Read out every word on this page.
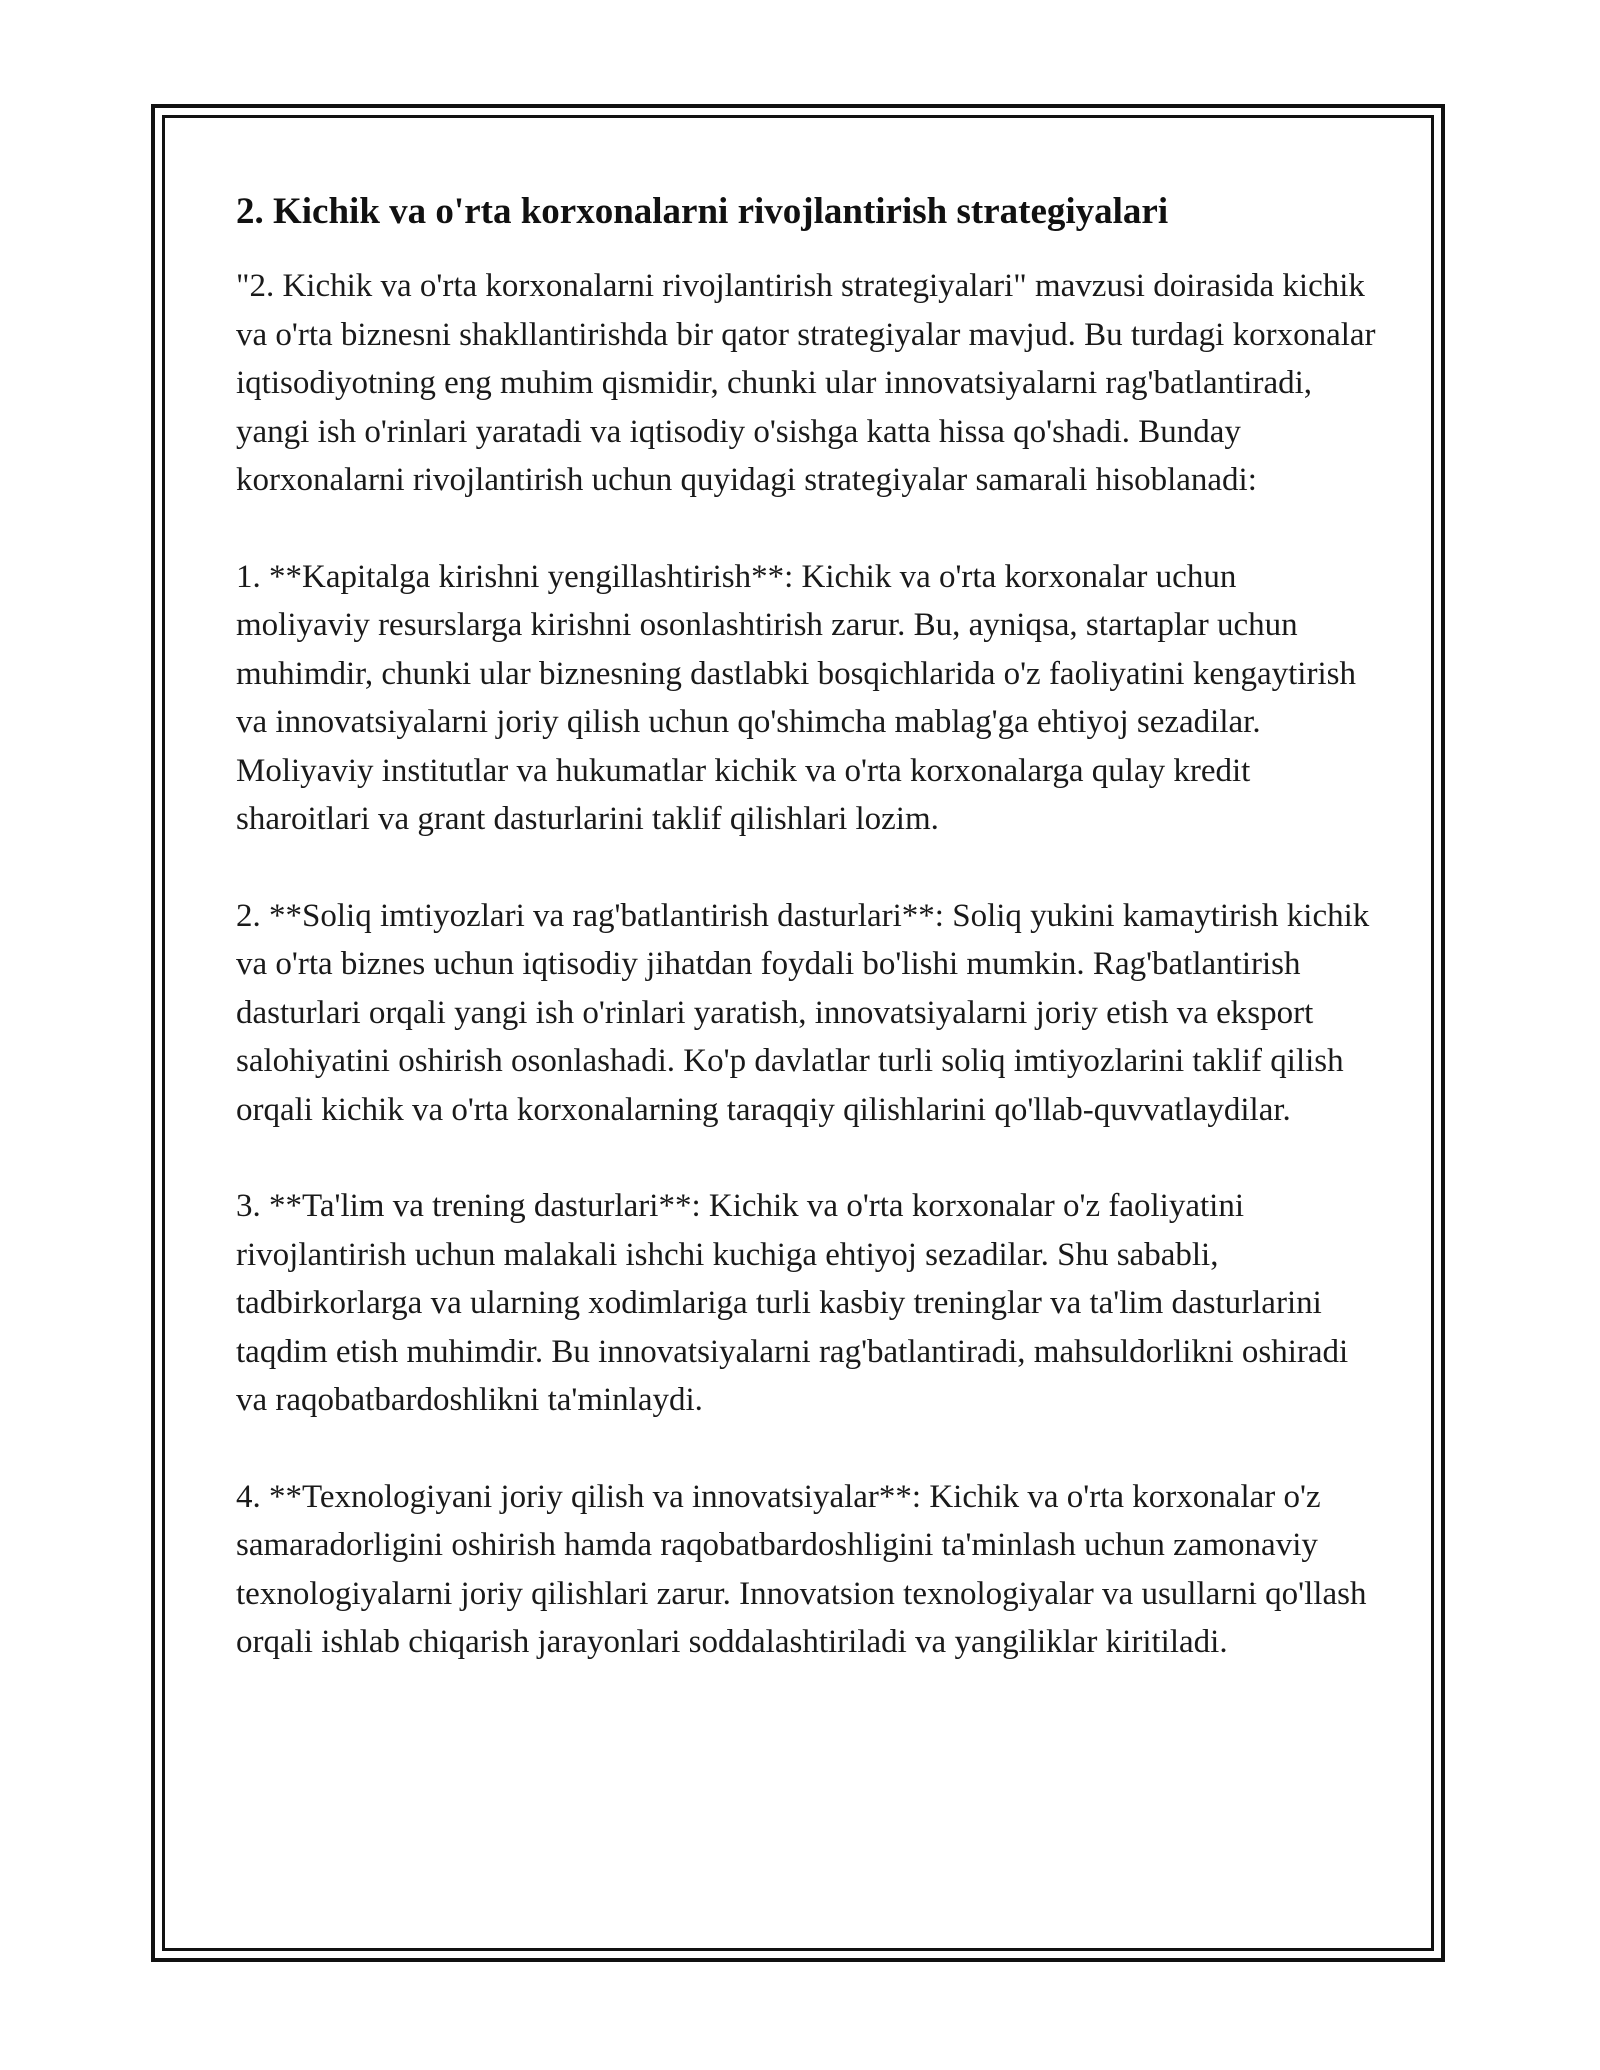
2. Kichik va o'rta korxonalarni rivojlantirish strategiyalari

"2. Kichik va o'rta korxonalarni rivojlantirish strategiyalari" mavzusi doirasida kichik va o'rta biznesni shakllantirishda bir qator strategiyalar mavjud. Bu turdagi korxonalar iqtisodiyotning eng muhim qismidir, chunki ular innovatsiyalarni rag'batlantiradi, yangi ish o'rinlari yaratadi va iqtisodiy o'sishga katta hissa qo'shadi. Bunday korxonalarni rivojlantirish uchun quyidagi strategiyalar samarali hisoblanadi:

1. **Kapitalga kirishni yengillashtirish**: Kichik va o'rta korxonalar uchun moliyaviy resurslarga kirishni osonlashtirish zarur. Bu, ayniqsa, startaplar uchun muhimdir, chunki ular biznesning dastlabki bosqichlarida o'z faoliyatini kengaytirish va innovatsiyalarni joriy qilish uchun qo'shimcha mablag'ga ehtiyoj sezadilar. Moliyaviy institutlar va hukumatlar kichik va o'rta korxonalarga qulay kredit sharoitlari va grant dasturlarini taklif qilishlari lozim.

2. **Soliq imtiyozlari va rag'batlantirish dasturlari**: Soliq yukini kamaytirish kichik va o'rta biznes uchun iqtisodiy jihatdan foydali bo'lishi mumkin. Rag'batlantirish dasturlari orqali yangi ish o'rinlari yaratish, innovatsiyalarni joriy etish va eksport salohiyatini oshirish osonlashadi. Ko'p davlatlar turli soliq imtiyozlarini taklif qilish orqali kichik va o'rta korxonalarning taraqqiy qilishlarini qo'llab-quvvatlaydilar.

3. **Ta'lim va trening dasturlari**: Kichik va o'rta korxonalar o'z faoliyatini rivojlantirish uchun malakali ishchi kuchiga ehtiyoj sezadilar. Shu sababli, tadbirkorlarga va ularning xodimlariga turli kasbiy treninglar va ta'lim dasturlarini taqdim etish muhimdir. Bu innovatsiyalarni rag'batlantiradi, mahsuldorlikni oshiradi va raqobatbardoshlikni ta'minlaydi.

4. **Texnologiyani joriy qilish va innovatsiyalar**: Kichik va o'rta korxonalar o'z samaradorligini oshirish hamda raqobatbardoshligini ta'minlash uchun zamonaviy texnologiyalarni joriy qilishlari zarur. Innovatsion texnologiyalar va usullarni qo'llash orqali ishlab chiqarish jarayonlari soddalashtiriladi va yangiliklar kiritiladi.
